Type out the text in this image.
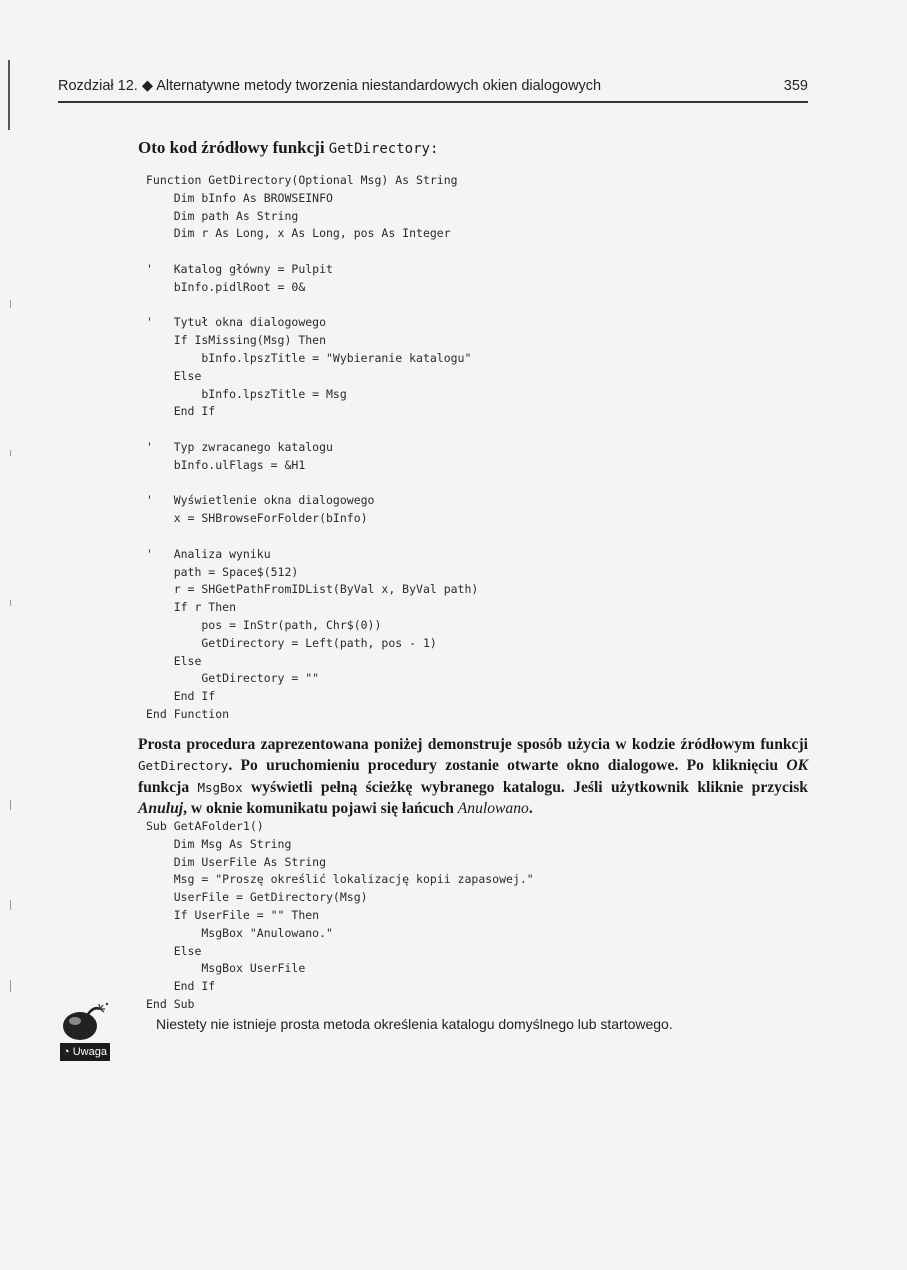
Rozdział 12. ◆ Alternatywne metody tworzenia niestandardowych okien dialogowych	359
Oto kod źródłowy funkcji GetDirectory:
Function GetDirectory(Optional Msg) As String
Dim bInfo As BROWSEINFO
Dim path As String
Dim r As Long, x As Long, pos As Integer

'   Katalog główny = Pulpit
bInfo.pidlRoot = 0&

'   Tytuł okna dialogowego
If IsMissing(Msg) Then
bInfo.lpszTitle = "Wybieranie katalogu"
Else
bInfo.lpszTitle = Msg
End If

'   Typ zwracanego katalogu
bInfo.ulFlags = &H1

'   Wyświetlenie okna dialogowego
x = SHBrowseForFolder(bInfo)

'   Analiza wyniku
path = Space$(512)
r = SHGetPathFromIDList(ByVal x, ByVal path)
If r Then
pos = InStr(path, Chr$(0))
GetDirectory = Left(path, pos - 1)
Else
GetDirectory = ""
End If
End Function

Prosta procedura zaprezentowana poniżej demonstruje sposób użycia w kodzie źródłowym funkcji GetDirectory. Po uruchomieniu procedury zostanie otwarte okno dialogowe. Po kliknięciu OK funkcja MsgBox wyświetli pełną ścieżkę wybranego katalogu. Jeśli użytkownik kliknie przycisk Anuluj, w oknie komunikatu pojawi się łańcuch Anulowano.
Sub GetAFolder1()
Dim Msg As String
Dim UserFile As String
Msg = "Proszę określić lokalizację kopii zapasowej."
UserFile = GetDirectory(Msg)
If UserFile = "" Then
MsgBox "Anulowano."
Else
MsgBox UserFile
End If
End Sub

◔ Uwaga
Niestety nie istnieje prosta metoda określenia katalogu domyślnego lub startowego.
